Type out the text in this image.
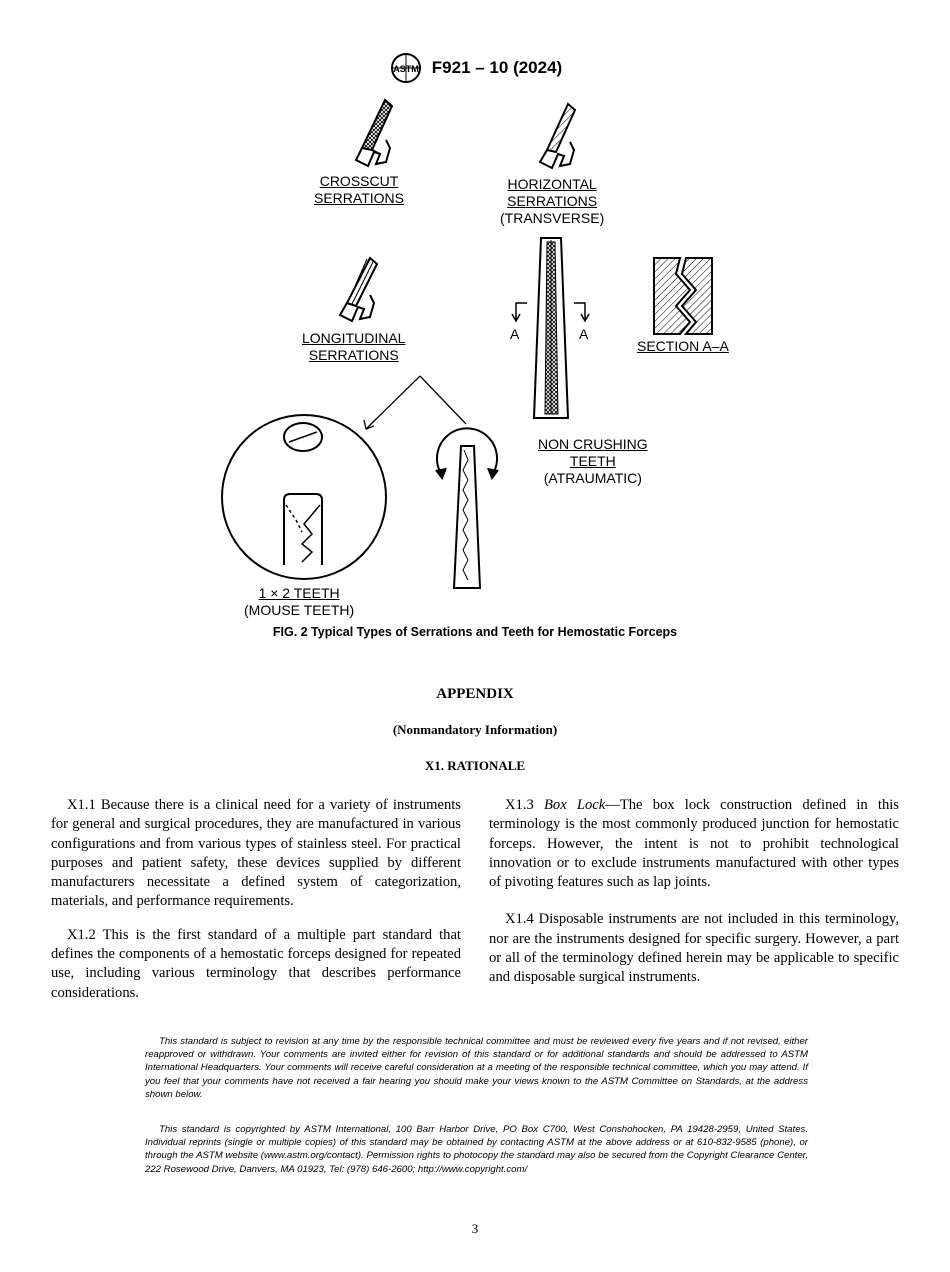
ASTM F921 – 10 (2024)
CROSSCUT
SERRATIONS
HORIZONTAL
SERRATIONS
(TRANSVERSE)
LONGITUDINAL
SERRATIONS
A	A
SECTION A–A
NON CRUSHING
TEETH
(ATRAUMATIC)
1 × 2 TEETH
(MOUSE TEETH)
FIG. 2 Typical Types of Serrations and Teeth for Hemostatic Forceps
APPENDIX
(Nonmandatory Information)
X1. RATIONALE

X1.1 Because there is a clinical need for a variety of instruments for general and surgical procedures, they are manufactured in various configurations and from various types of stainless steel. For practical purposes and patient safety, these devices supplied by different manufacturers necessitate a defined system of categorization, materials, and performance requirements.

X1.2 This is the first standard of a multiple part standard that defines the components of a hemostatic forceps designed for repeated use, including various terminology that describes performance considerations.

X1.3 Box Lock—The box lock construction defined in this terminology is the most commonly produced junction for hemostatic forceps. However, the intent is not to prohibit technological innovation or to exclude instruments manufactured with other types of pivoting features such as lap joints.

X1.4 Disposable instruments are not included in this terminology, nor are the instruments designed for specific surgery. However, a part or all of the terminology defined herein may be applicable to specific and disposable surgical instruments.

This standard is subject to revision at any time by the responsible technical committee and must be reviewed every five years and if not revised, either reapproved or withdrawn. Your comments are invited either for revision of this standard or for additional standards and should be addressed to ASTM International Headquarters. Your comments will receive careful consideration at a meeting of the responsible technical committee, which you may attend. If you feel that your comments have not received a fair hearing you should make your views known to the ASTM Committee on Standards, at the address shown below.
This standard is copyrighted by ASTM International, 100 Barr Harbor Drive, PO Box C700, West Conshohocken, PA 19428-2959, United States. Individual reprints (single or multiple copies) of this standard may be obtained by contacting ASTM at the above address or at 610-832-9585 (phone), or through the ASTM website (www.astm.org/contact). Permission rights to photocopy the standard may also be secured from the Copyright Clearance Center, 222 Rosewood Drive, Danvers, MA 01923, Tel: (978) 646-2600; http://www.copyright.com/
3
